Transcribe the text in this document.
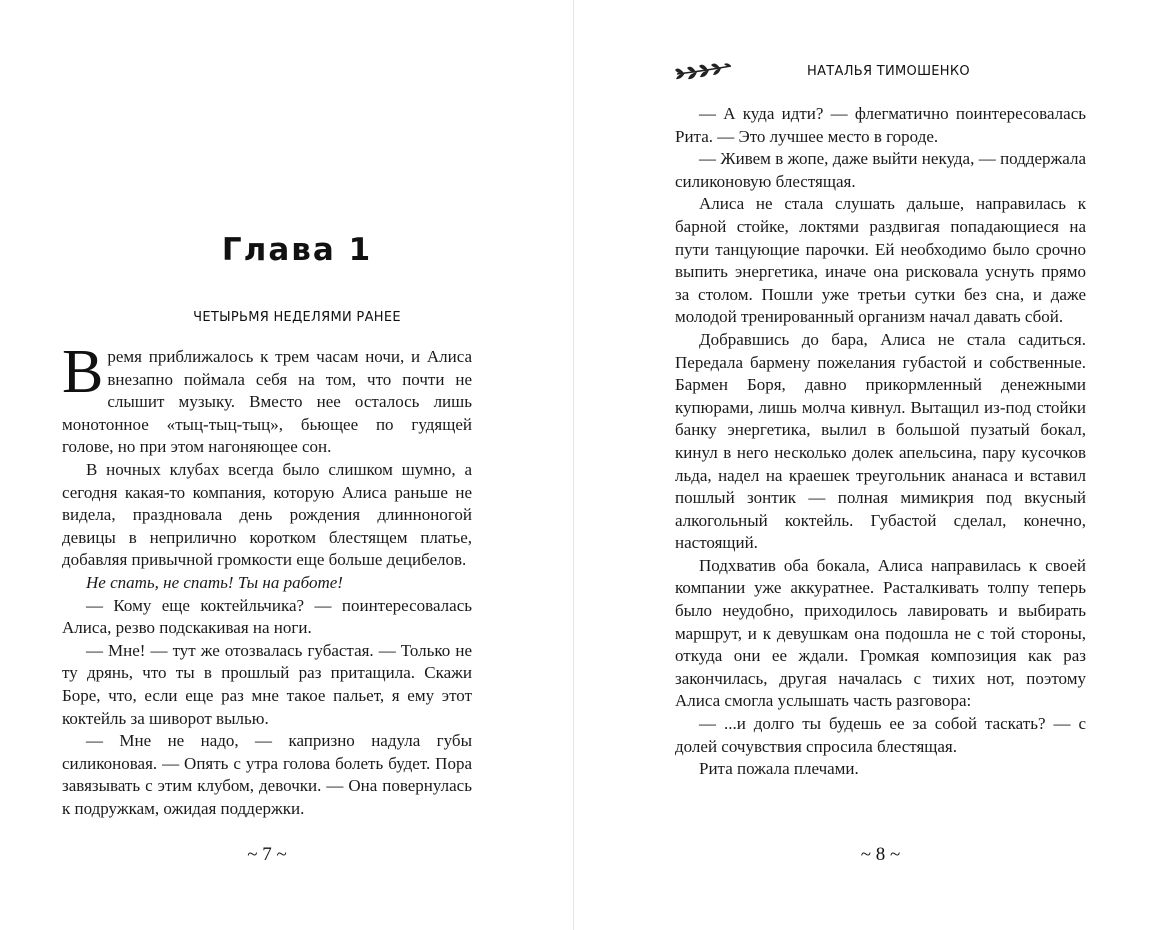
Глава 1
ЧЕТЫРЬМЯ НЕДЕЛЯМИ РАНЕЕ

Время приближалось к трем часам ночи, и Алиса внезапно поймала себя на том, что почти не слышит музыку. Вместо нее осталось лишь монотонное «тыц-тыц-тыц», бьющее по гудящей голове, но при этом нагоняющее сон.

В ночных клубах всегда было слишком шумно, а сегодня какая-то компания, которую Алиса раньше не видела, праздновала день рождения длинноногой девицы в неприлично коротком блестящем платье, добавляя привычной громкости еще больше децибелов.

Не спать, не спать! Ты на работе!

— Кому еще коктейльчика? — поинтересовалась Алиса, резво подскакивая на ноги.

— Мне! — тут же отозвалась губастая. — Только не ту дрянь, что ты в прошлый раз притащила. Скажи Боре, что, если еще раз мне такое пальет, я ему этот коктейль за шиворот вылью.

— Мне не надо, — капризно надула губы силиконовая. — Опять с утра голова болеть будет. Пора завязывать с этим клубом, девочки. — Она повернулась к подружкам, ожидая поддержки.

~ 7 ~
НАТАЛЬЯ ТИМОШЕНКО

— А куда идти? — флегматично поинтересовалась Рита. — Это лучшее место в городе.

— Живем в жопе, даже выйти некуда, — поддержала силиконовую блестящая.

Алиса не стала слушать дальше, направилась к барной стойке, локтями раздвигая попадающиеся на пути танцующие парочки. Ей необходимо было срочно выпить энергетика, иначе она рисковала уснуть прямо за столом. Пошли уже третьи сутки без сна, и даже молодой тренированный организм начал давать сбой.

Добравшись до бара, Алиса не стала садиться. Передала бармену пожелания губастой и собственные. Бармен Боря, давно прикормленный денежными купюрами, лишь молча кивнул. Вытащил из-под стойки банку энергетика, вылил в большой пузатый бокал, кинул в него несколько долек апельсина, пару кусочков льда, надел на краешек треугольник ананаса и вставил пошлый зонтик — полная мимикрия под вкусный алкогольный коктейль. Губастой сделал, конечно, настоящий.

Подхватив оба бокала, Алиса направилась к своей компании уже аккуратнее. Расталкивать толпу теперь было неудобно, приходилось лавировать и выбирать маршрут, и к девушкам она подошла не с той стороны, откуда они ее ждали. Громкая композиция как раз закончилась, другая началась с тихих нот, поэтому Алиса смогла услышать часть разговора:

— ...и долго ты будешь ее за собой таскать? — с долей сочувствия спросила блестящая.

Рита пожала плечами.

~ 8 ~
